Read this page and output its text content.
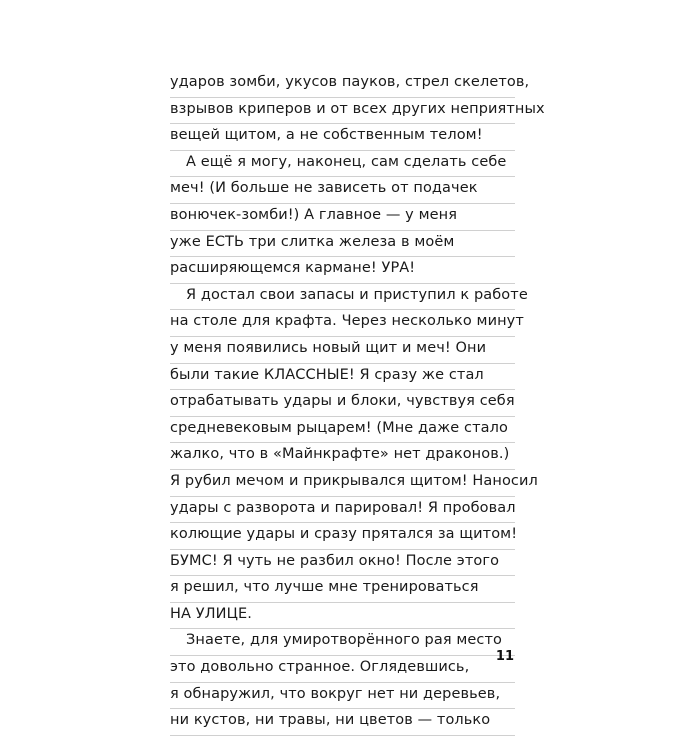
ударов зомби, укусов пауков, стрел скелетов,
взрывов криперов и от всех других неприятных
вещей щитом, а не собственным телом!
А ещё я могу, наконец, сам сделать себе
меч! (И больше не зависеть от подачек
вонючек-зомби!) А главное — у меня
уже ЕСТЬ три слитка железа в моём
расширяющемся кармане! УРА!
Я достал свои запасы и приступил к работе
на столе для крафта. Через несколько минут
у меня появились новый щит и меч! Они
были такие КЛАССНЫЕ! Я сразу же стал
отрабатывать удары и блоки, чувствуя себя
средневековым рыцарем! (Мне даже стало
жалко, что в «Майнкрафте» нет драконов.)
Я рубил мечом и прикрывался щитом! Наносил
удары с разворота и парировал! Я пробовал
колющие удары и сразу прятался за щитом!
БУМС! Я чуть не разбил окно! После этого
я решил, что лучше мне тренироваться
НА УЛИЦЕ.
Знаете, для умиротворённого рая место
это довольно странное. Оглядевшись,
я обнаружил, что вокруг нет ни деревьев,
ни кустов, ни травы, ни цветов — только
11
